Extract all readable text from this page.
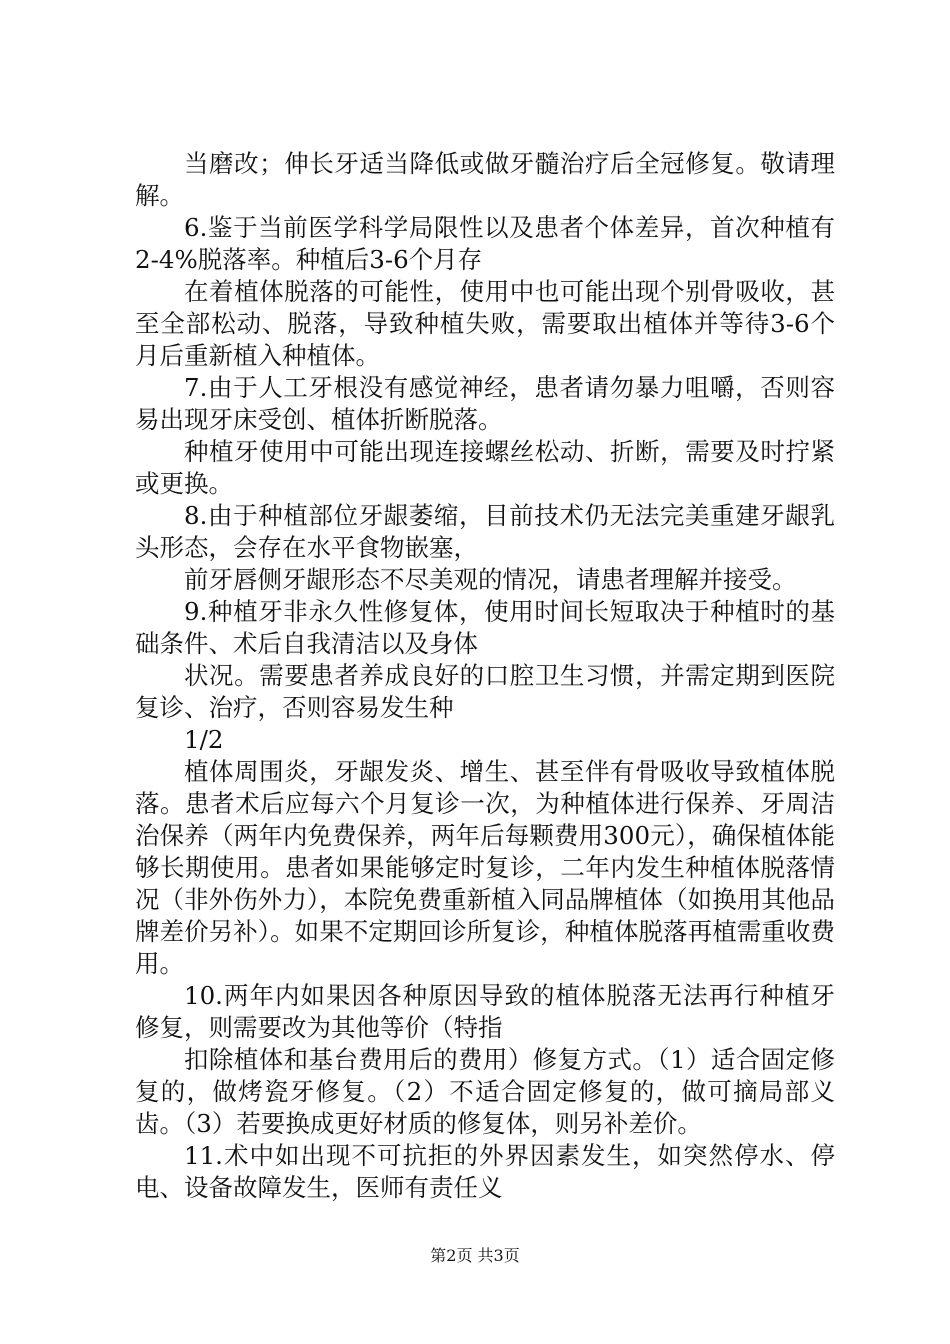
当磨改；伸长牙适当降低或做牙髓治疗后全冠修复。敬请理解。

6.鉴于当前医学科学局限性以及患者个体差异，首次种植有2-4%脱落率。种植后3-6个月存

在着植体脱落的可能性，使用中也可能出现个别骨吸收，甚至全部松动、脱落，导致种植失败，需要取出植体并等待3-6个月后重新植入种植体。

7.由于人工牙根没有感觉神经，患者请勿暴力咀嚼，否则容易出现牙床受创、植体折断脱落。

种植牙使用中可能出现连接螺丝松动、折断，需要及时拧紧或更换。

8.由于种植部位牙龈萎缩，目前技术仍无法完美重建牙龈乳头形态，会存在水平食物嵌塞，

前牙唇侧牙龈形态不尽美观的情况，请患者理解并接受。

9.种植牙非永久性修复体，使用时间长短取决于种植时的基础条件、术后自我清洁以及身体

状况。需要患者养成良好的口腔卫生习惯，并需定期到医院复诊、治疗，否则容易发生种

1/2

植体周围炎，牙龈发炎、增生、甚至伴有骨吸收导致植体脱落。患者术后应每六个月复诊一次，为种植体进行保养、牙周洁治保养（两年内免费保养，两年后每颗费用300元），确保植体能够长期使用。患者如果能够定时复诊，二年内发生种植体脱落情况（非外伤外力），本院免费重新植入同品牌植体（如换用其他品牌差价另补）。如果不定期回诊所复诊，种植体脱落再植需重收费用。

10.两年内如果因各种原因导致的植体脱落无法再行种植牙修复，则需要改为其他等价（特指

扣除植体和基台费用后的费用）修复方式。（1）适合固定修复的，做烤瓷牙修复。（2）不适合固定修复的，做可摘局部义齿。（3）若要换成更好材质的修复体，则另补差价。

11.术中如出现不可抗拒的外界因素发生，如突然停水、停电、设备故障发生，医师有责任义

第2页 共3页
